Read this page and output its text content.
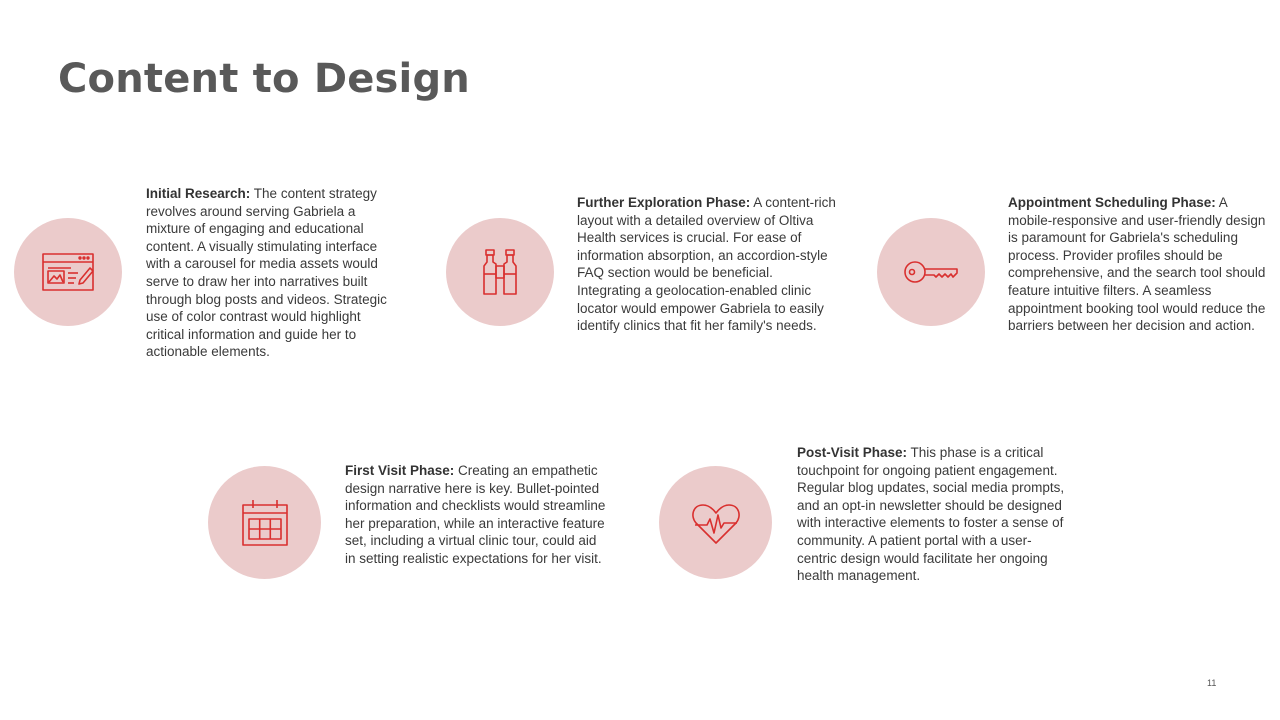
Content to Design
Initial Research: The content strategy revolves around serving Gabriela a mixture of engaging and educational content. A visually stimulating interface with a carousel for media assets would serve to draw her into narratives built through blog posts and videos. Strategic use of color contrast would highlight critical information and guide her to actionable elements.
Further Exploration Phase: A content-rich layout with a detailed overview of Oltiva Health services is crucial. For ease of information absorption, an accordion-style FAQ section would be beneficial. Integrating a geolocation-enabled clinic locator would empower Gabriela to easily identify clinics that fit her family's needs.
Appointment Scheduling Phase: A mobile-responsive and user-friendly design is paramount for Gabriela's scheduling process. Provider profiles should be comprehensive, and the search tool should feature intuitive filters. A seamless appointment booking tool would reduce the barriers between her decision and action.
First Visit Phase: Creating an empathetic design narrative here is key. Bullet-pointed information and checklists would streamline her preparation, while an interactive feature set, including a virtual clinic tour, could aid in setting realistic expectations for her visit.
Post-Visit Phase: This phase is a critical touchpoint for ongoing patient engagement. Regular blog updates, social media prompts, and an opt-in newsletter should be designed with interactive elements to foster a sense of community. A patient portal with a user-centric design would facilitate her ongoing health management.
11
